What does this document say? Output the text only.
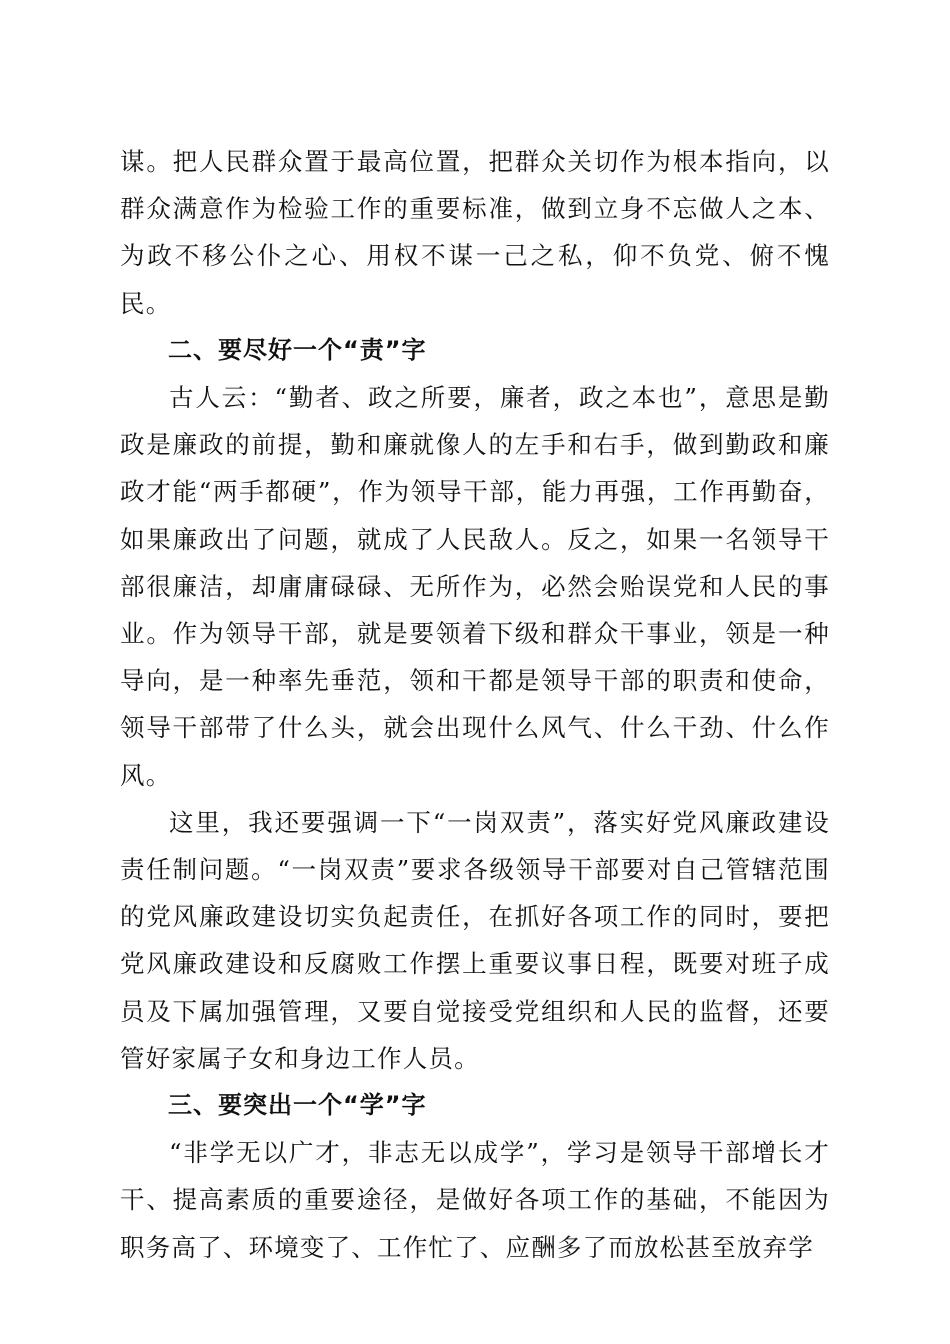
谋。把人民群众置于最高位置，把群众关切作为根本指向，以群众满意作为检验工作的重要标准，做到立身不忘做人之本、为政不移公仆之心、用权不谋一己之私，仰不负党、俯不愧民。

二、要尽好一个“责”字

古人云：“勤者、政之所要，廉者，政之本也”，意思是勤政是廉政的前提，勤和廉就像人的左手和右手，做到勤政和廉政才能“两手都硬”，作为领导干部，能力再强，工作再勤奋，如果廉政出了问题，就成了人民敌人。反之，如果一名领导干部很廉洁，却庸庸碌碌、无所作为，必然会贻误党和人民的事业。作为领导干部，就是要领着下级和群众干事业，领是一种导向，是一种率先垂范，领和干都是领导干部的职责和使命，领导干部带了什么头，就会出现什么风气、什么干劲、什么作风。

这里，我还要强调一下“一岗双责”，落实好党风廉政建设责任制问题。“一岗双责”要求各级领导干部要对自己管辖范围的党风廉政建设切实负起责任，在抓好各项工作的同时，要把党风廉政建设和反腐败工作摆上重要议事日程，既要对班子成员及下属加强管理，又要自觉接受党组织和人民的监督，还要管好家属子女和身边工作人员。

三、要突出一个“学”字

“非学无以广才，非志无以成学”，学习是领导干部增长才干、提高素质的重要途径，是做好各项工作的基础，不能因为职务高了、环境变了、工作忙了、应酬多了而放松甚至放弃学
